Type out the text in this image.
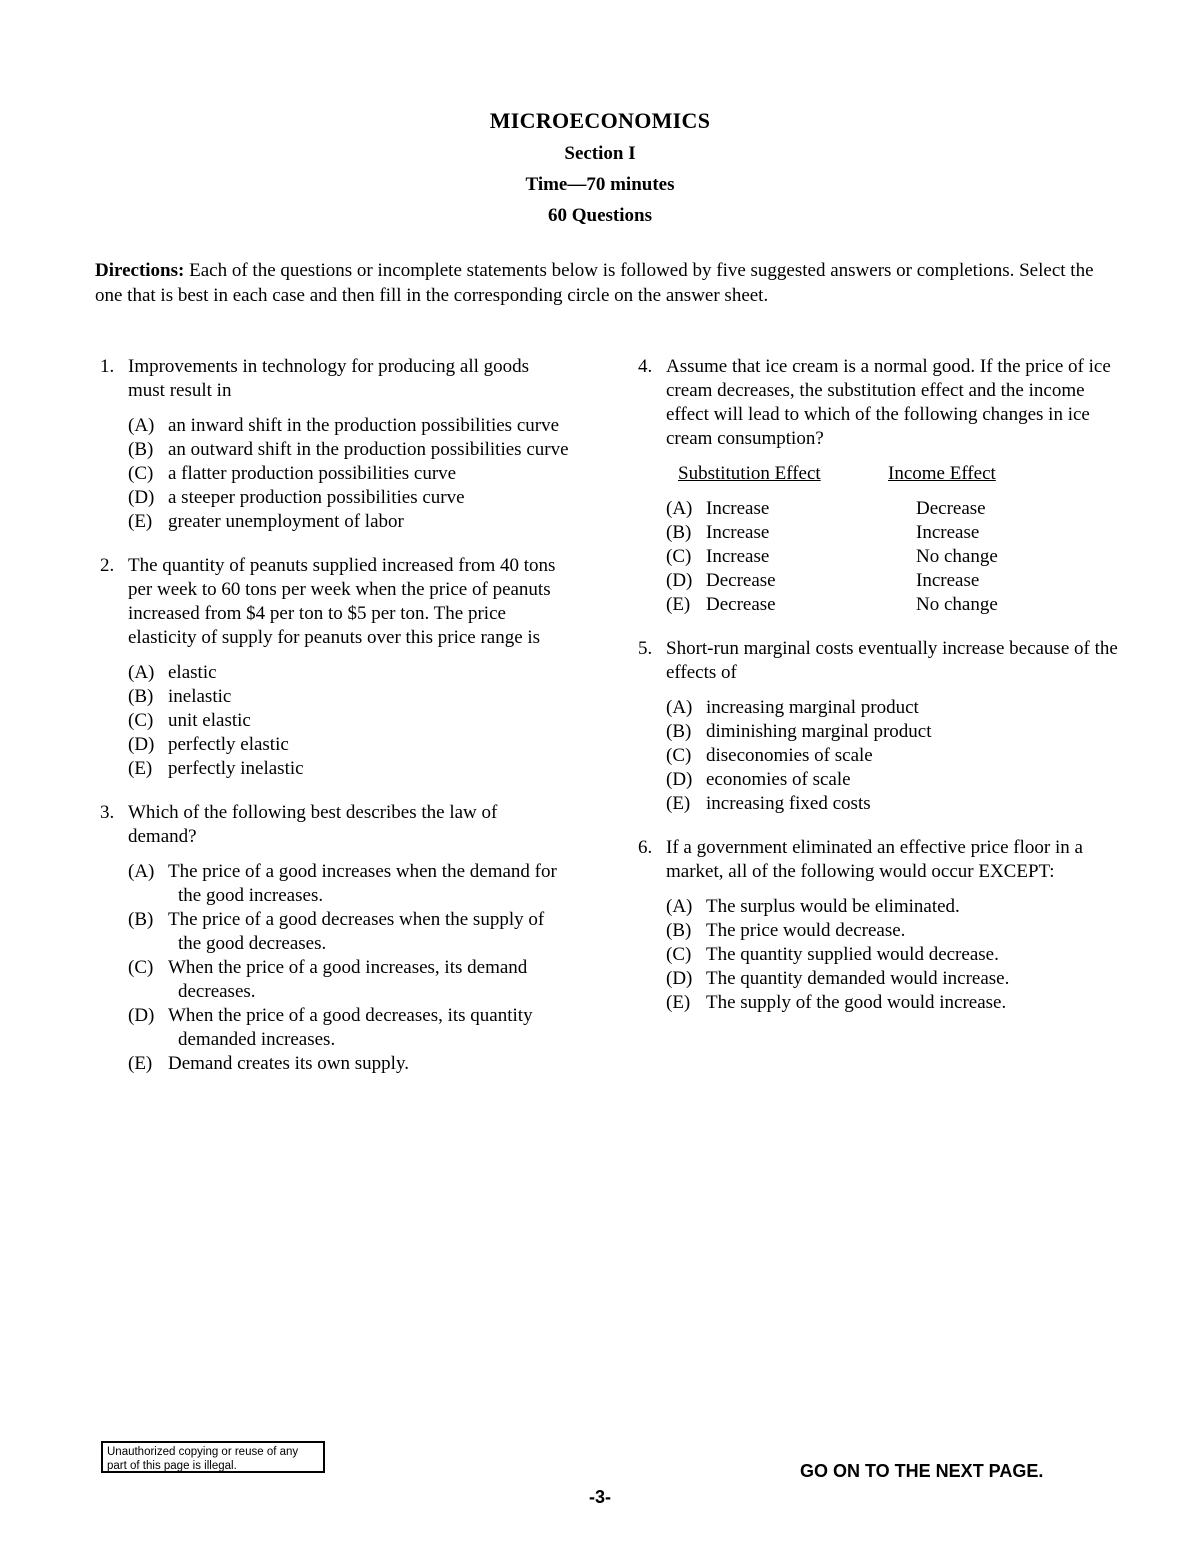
MICROECONOMICS
Section I
Time—70 minutes
60 Questions
Directions: Each of the questions or incomplete statements below is followed by five suggested answers or completions. Select the one that is best in each case and then fill in the corresponding circle on the answer sheet.
1. Improvements in technology for producing all goods must result in
(A) an inward shift in the production possibilities curve
(B) an outward shift in the production possibilities curve
(C) a flatter production possibilities curve
(D) a steeper production possibilities curve
(E) greater unemployment of labor
2. The quantity of peanuts supplied increased from 40 tons per week to 60 tons per week when the price of peanuts increased from $4 per ton to $5 per ton. The price elasticity of supply for peanuts over this price range is
(A) elastic
(B) inelastic
(C) unit elastic
(D) perfectly elastic
(E) perfectly inelastic
3. Which of the following best describes the law of demand?
(A) The price of a good increases when the demand for the good increases.
(B) The price of a good decreases when the supply of the good decreases.
(C) When the price of a good increases, its demand decreases.
(D) When the price of a good decreases, its quantity demanded increases.
(E) Demand creates its own supply.
4. Assume that ice cream is a normal good. If the price of ice cream decreases, the substitution effect and the income effect will lead to which of the following changes in ice cream consumption?
Substitution Effect	Income Effect
(A) Increase	Decrease
(B) Increase	Increase
(C) Increase	No change
(D) Decrease	Increase
(E) Decrease	No change
5. Short-run marginal costs eventually increase because of the effects of
(A) increasing marginal product
(B) diminishing marginal product
(C) diseconomies of scale
(D) economies of scale
(E) increasing fixed costs
6. If a government eliminated an effective price floor in a market, all of the following would occur EXCEPT:
(A) The surplus would be eliminated.
(B) The price would decrease.
(C) The quantity supplied would decrease.
(D) The quantity demanded would increase.
(E) The supply of the good would increase.
Unauthorized copying or reuse of any part of this page is illegal.	GO ON TO THE NEXT PAGE.
-3-
